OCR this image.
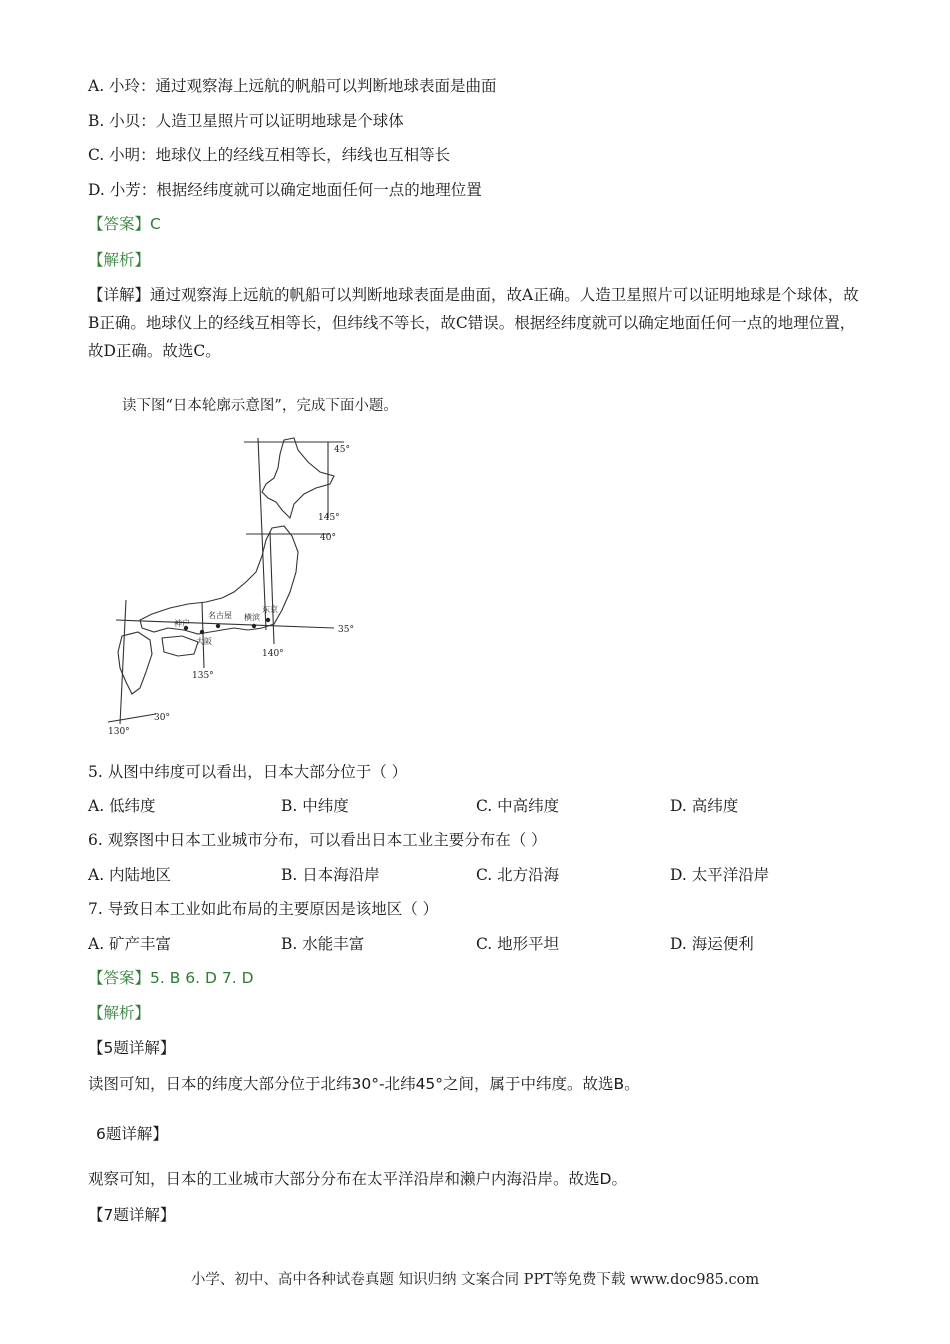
A. 小玲：通过观察海上远航的帆船可以判断地球表面是曲面
B. 小贝：人造卫星照片可以证明地球是个球体
C. 小明：地球仪上的经线互相等长，纬线也互相等长
D. 小芳：根据经纬度就可以确定地面任何一点的地理位置
【答案】C
【解析】
【详解】通过观察海上远航的帆船可以判断地球表面是曲面，故A正确。人造卫星照片可以证明地球是个球体，故B正确。地球仪上的经线互相等长，但纬线不等长，故C错误。根据经纬度就可以确定地面任何一点的地理位置，故D正确。故选C。
读下图“日本轮廓示意图”，完成下面小题。
45°
40°
35°
30°
145°
140°
135°
130°
名古屋 横滨
东京
神户
大阪
5. 从图中纬度可以看出，日本大部分位于（ ）
A. 低纬度	B. 中纬度	C. 中高纬度	D. 高纬度
6. 观察图中日本工业城市分布，可以看出日本工业主要分布在（ ）
A. 内陆地区	B. 日本海沿岸	C. 北方沿海	D. 太平洋沿岸
7. 导致日本工业如此布局的主要原因是该地区（ ）
A. 矿产丰富	B. 水能丰富	C. 地形平坦	D. 海运便利
【答案】5. B 6. D 7. D
【解析】
【5题详解】
读图可知，日本的纬度大部分位于北纬30°-北纬45°之间，属于中纬度。故选B。
6题详解】
观察可知，日本的工业城市大部分分布在太平洋沿岸和濑户内海沿岸。故选D。
【7题详解】
小学、初中、高中各种试卷真题 知识归纳 文案合同 PPT等免费下载 www.doc985.com
